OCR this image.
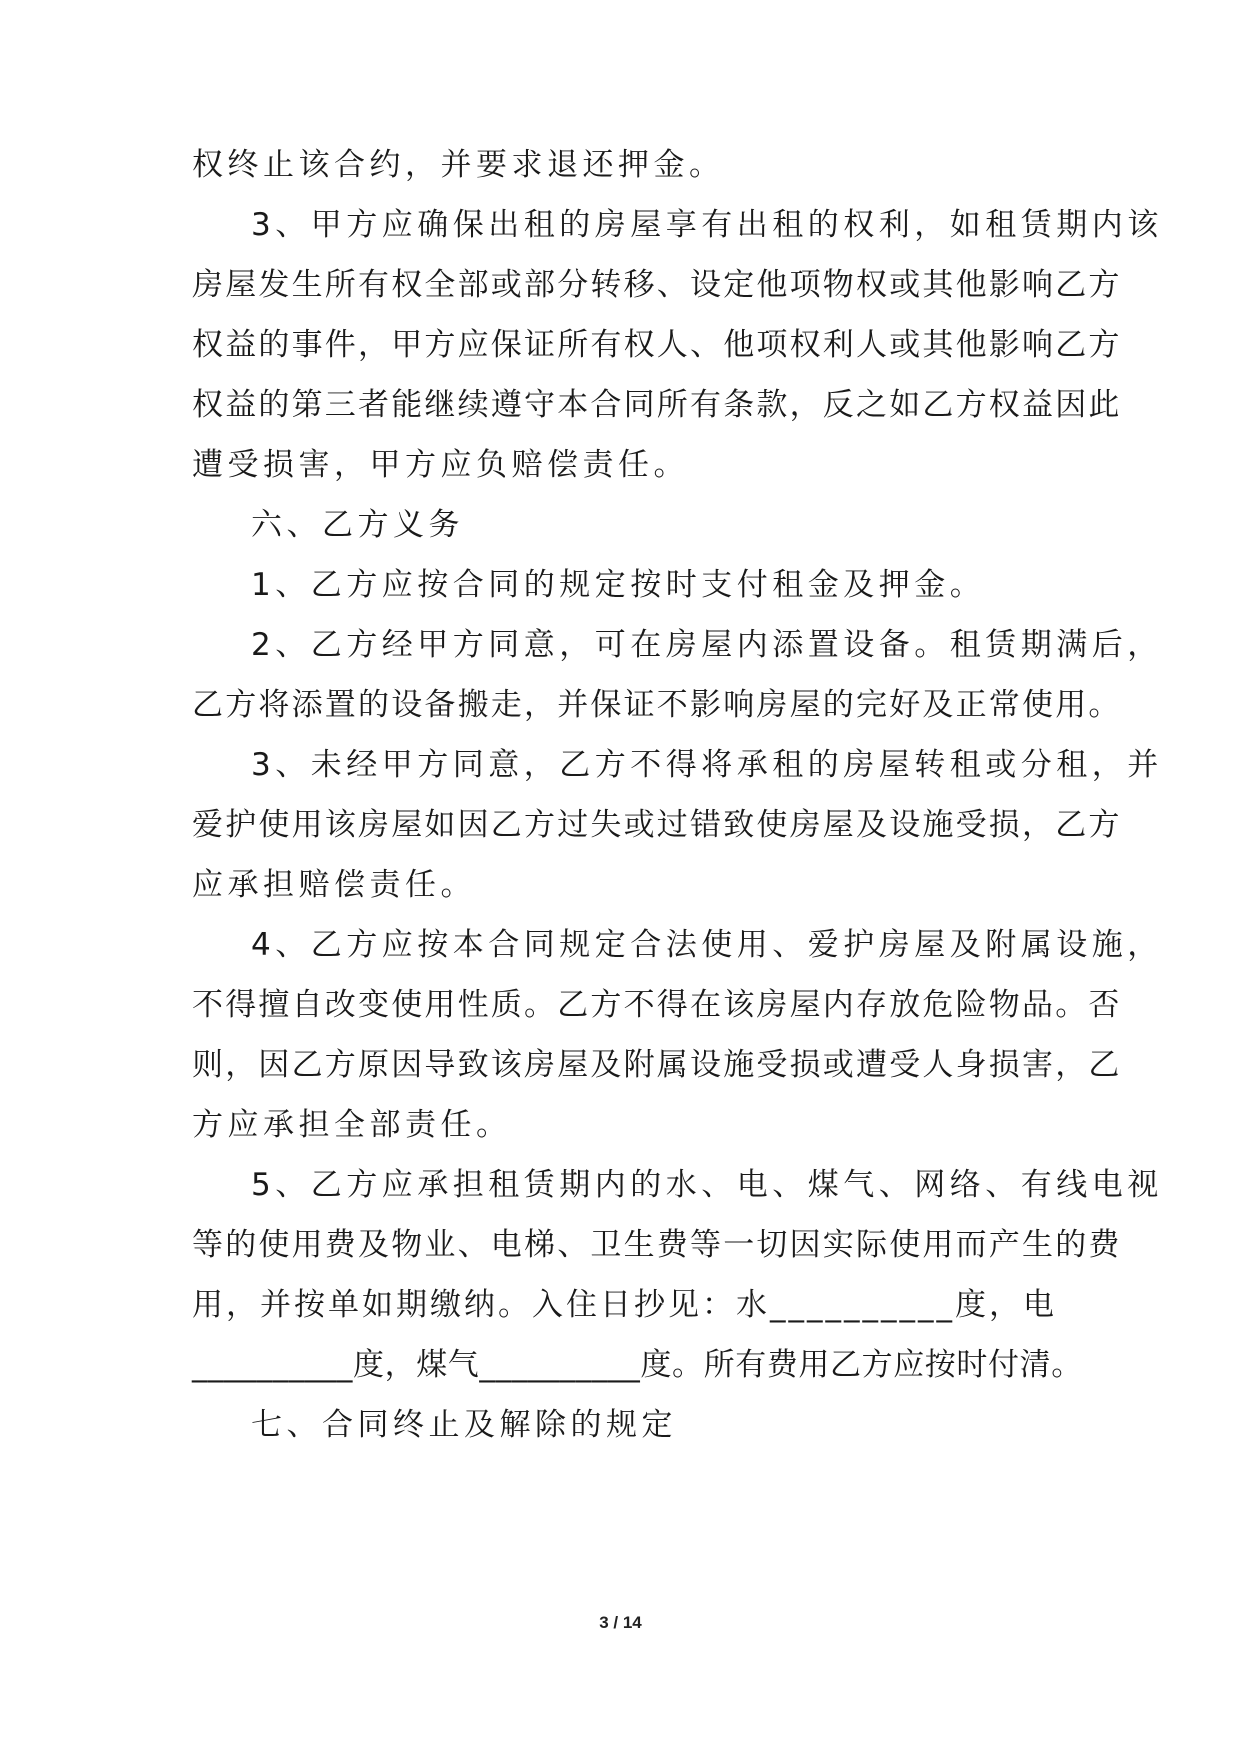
权终止该合约，并要求退还押金。

3、甲方应确保出租的房屋享有出租的权利，如租赁期内该

房屋发生所有权全部或部分转移、设定他项物权或其他影响乙方

权益的事件，甲方应保证所有权人、他项权利人或其他影响乙方

权益的第三者能继续遵守本合同所有条款，反之如乙方权益因此

遭受损害，甲方应负赔偿责任。

六、乙方义务

1、乙方应按合同的规定按时支付租金及押金。

2、乙方经甲方同意，可在房屋内添置设备。租赁期满后，

乙方将添置的设备搬走，并保证不影响房屋的完好及正常使用。

3、未经甲方同意，乙方不得将承租的房屋转租或分租，并

爱护使用该房屋如因乙方过失或过错致使房屋及设施受损，乙方

应承担赔偿责任。

4、乙方应按本合同规定合法使用、爱护房屋及附属设施，

不得擅自改变使用性质。乙方不得在该房屋内存放危险物品。否

则，因乙方原因导致该房屋及附属设施受损或遭受人身损害，乙

方应承担全部责任。

5、乙方应承担租赁期内的水、电、煤气、网络、有线电视

等的使用费及物业、电梯、卫生费等一切因实际使用而产生的费

用，并按单如期缴纳。入住日抄见：水__________度，电

__________度，煤气__________度。所有费用乙方应按时付清。

七、合同终止及解除的规定

3 / 14
